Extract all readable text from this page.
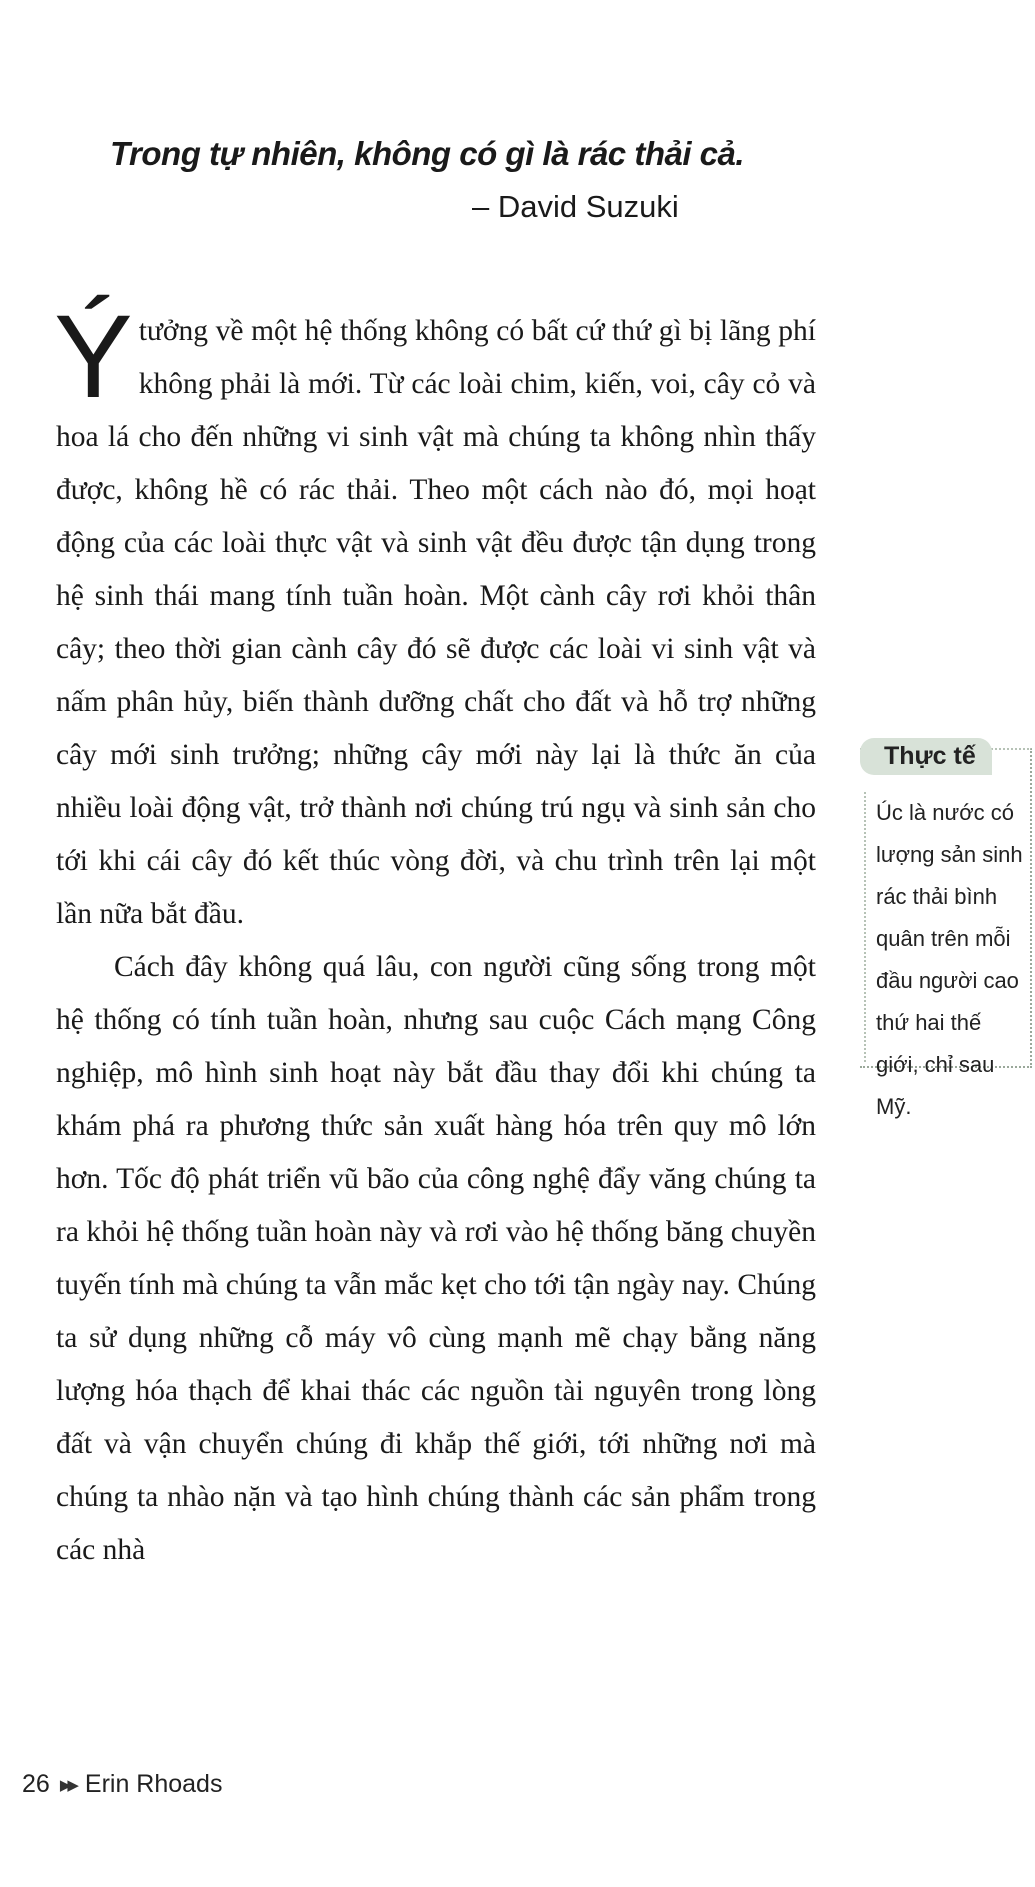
Trong tự nhiên, không có gì là rác thải cả.

– David Suzuki

Ýtưởng về một hệ thống không có bất cứ thứ gì bị lãng phí không phải là mới. Từ các loài chim, kiến, voi, cây cỏ và hoa lá cho đến những vi sinh vật mà chúng ta không nhìn thấy được, không hề có rác thải. Theo một cách nào đó, mọi hoạt động của các loài thực vật và sinh vật đều được tận dụng trong hệ sinh thái mang tính tuần hoàn. Một cành cây rơi khỏi thân cây; theo thời gian cành cây đó sẽ được các loài vi sinh vật và nấm phân hủy, biến thành dưỡng chất cho đất và hỗ trợ những cây mới sinh trưởng; những cây mới này lại là thức ăn của nhiều loài động vật, trở thành nơi chúng trú ngụ và sinh sản cho tới khi cái cây đó kết thúc vòng đời, và chu trình trên lại một lần nữa bắt đầu.

Cách đây không quá lâu, con người cũng sống trong một hệ thống có tính tuần hoàn, nhưng sau cuộc Cách mạng Công nghiệp, mô hình sinh hoạt này bắt đầu thay đổi khi chúng ta khám phá ra phương thức sản xuất hàng hóa trên quy mô lớn hơn. Tốc độ phát triển vũ bão của công nghệ đẩy văng chúng ta ra khỏi hệ thống tuần hoàn này và rơi vào hệ thống băng chuyền tuyến tính mà chúng ta vẫn mắc kẹt cho tới tận ngày nay. Chúng ta sử dụng những cỗ máy vô cùng mạnh mẽ chạy bằng năng lượng hóa thạch để khai thác các nguồn tài nguyên trong lòng đất và vận chuyển chúng đi khắp thế giới, tới những nơi mà chúng ta nhào nặn và tạo hình chúng thành các sản phẩm trong các nhà

Thực tế
Úc là nước có lượng sản sinh rác thải bình quân trên mỗi đầu người cao thứ hai thế giới, chỉ sau Mỹ.
26 ▶▶ Erin Rhoads
